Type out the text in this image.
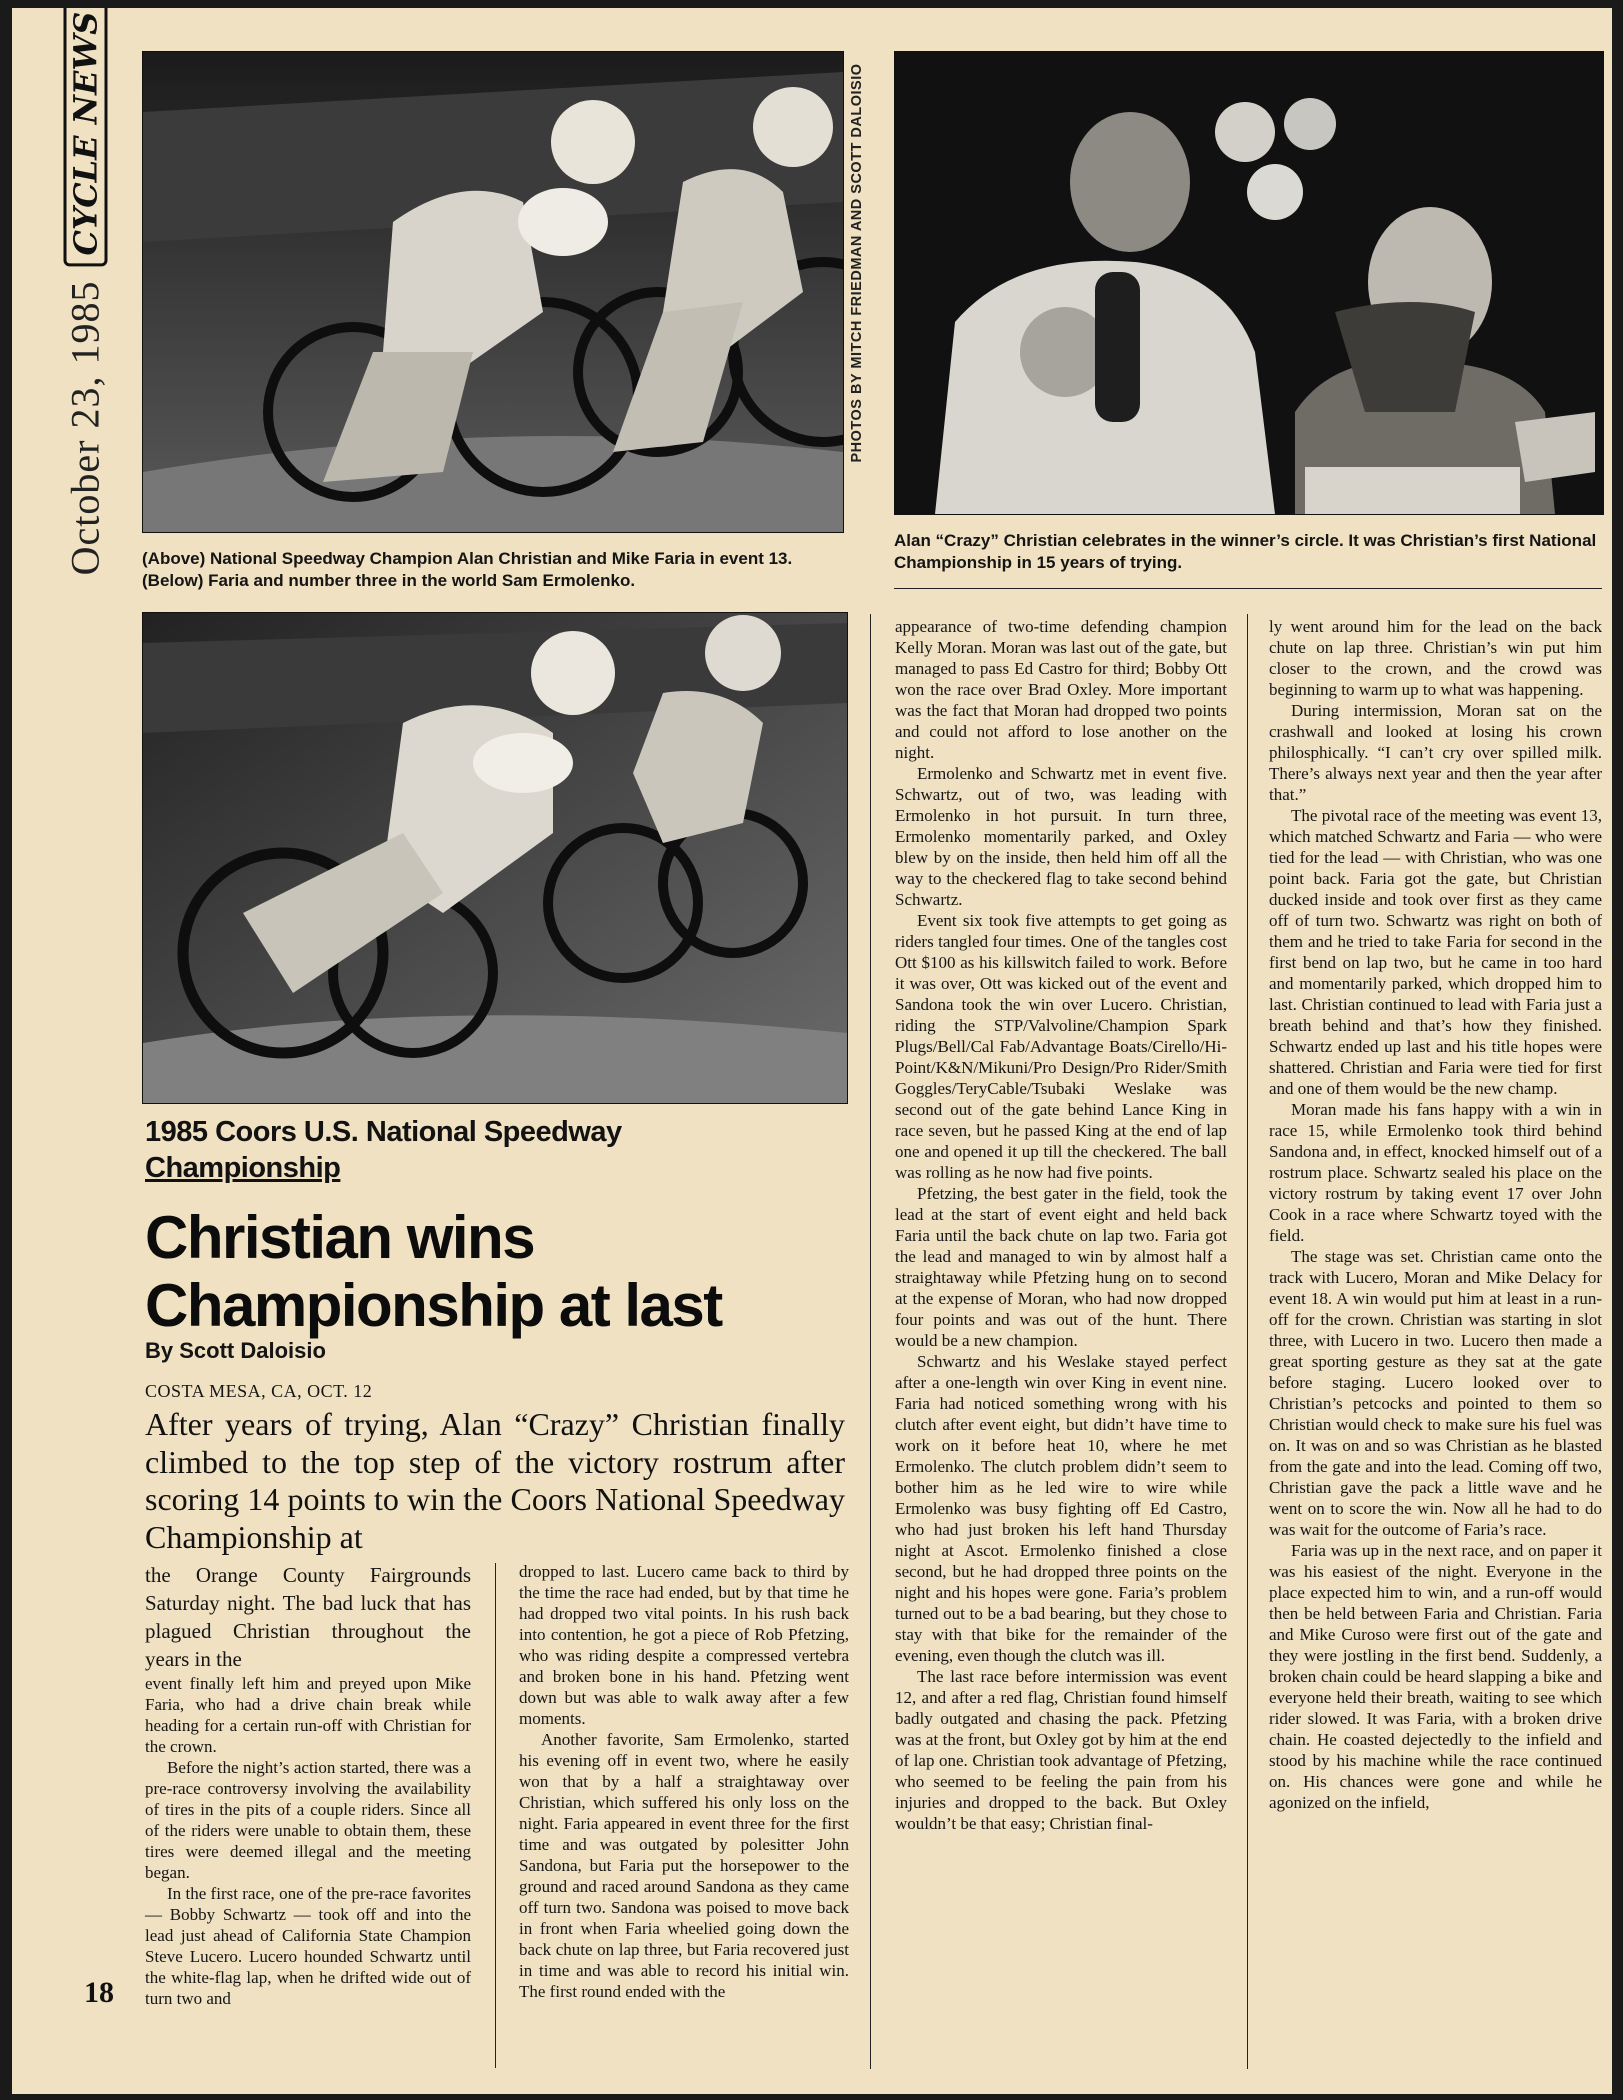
October 23, 1985
CYCLE NEWS	PHOTOS BY MITCH FRIEDMAN AND SCOTT DALOISIO
(Above) National Speedway Champion Alan Christian and Mike Faria in event 13. (Below) Faria and number three in the world Sam Ermolenko.
Alan “Crazy” Christian celebrates in the winner’s circle. It was Christian’s first National Championship in 15 years of trying.
1985 Coors U.S. National Speedway
Championship
Christian wins
Championship at last
By Scott Daloisio
COSTA MESA, CA, OCT. 12
After years of trying, Alan “Crazy” Christian finally climbed to the top step of the victory rostrum after scoring 14 points to win the Coors National Speedway Championship at

the Orange County Fairgrounds Saturday night. The bad luck that has plagued Christian throughout the years in the

event finally left him and preyed upon Mike Faria, who had a drive chain break while heading for a certain run-off with Christian for the crown.

Before the night’s action started, there was a pre-race controversy involving the availability of tires in the pits of a couple riders. Since all of the riders were unable to obtain them, these tires were deemed illegal and the meeting began.

In the first race, one of the pre-race favorites — Bobby Schwartz — took off and into the lead just ahead of California State Champion Steve Lucero. Lucero hounded Schwartz until the white-flag lap, when he drifted wide out of turn two and

dropped to last. Lucero came back to third by the time the race had ended, but by that time he had dropped two vital points. In his rush back into contention, he got a piece of Rob Pfetzing, who was riding despite a compressed vertebra and broken bone in his hand. Pfetzing went down but was able to walk away after a few moments.

Another favorite, Sam Ermolenko, started his evening off in event two, where he easily won that by a half a straightaway over Christian, which suffered his only loss on the night. Faria appeared in event three for the first time and was outgated by polesitter John Sandona, but Faria put the horsepower to the ground and raced around Sandona as they came off turn two. Sandona was poised to move back in front when Faria wheelied going down the back chute on lap three, but Faria recovered just in time and was able to record his initial win. The first round ended with the

appearance of two-time defending champion Kelly Moran. Moran was last out of the gate, but managed to pass Ed Castro for third; Bobby Ott won the race over Brad Oxley. More important was the fact that Moran had dropped two points and could not afford to lose another on the night.

Ermolenko and Schwartz met in event five. Schwartz, out of two, was leading with Ermolenko in hot pursuit. In turn three, Ermolenko momentarily parked, and Oxley blew by on the inside, then held him off all the way to the checkered flag to take second behind Schwartz.

Event six took five attempts to get going as riders tangled four times. One of the tangles cost Ott $100 as his killswitch failed to work. Before it was over, Ott was kicked out of the event and Sandona took the win over Lucero. Christian, riding the STP/Valvoline/Champion Spark Plugs/Bell/Cal Fab/Advantage Boats/Cirello/Hi-Point/K&N/Mikuni/Pro Design/Pro Rider/Smith Goggles/TeryCable/Tsubaki Weslake was second out of the gate behind Lance King in race seven, but he passed King at the end of lap one and opened it up till the checkered. The ball was rolling as he now had five points.

Pfetzing, the best gater in the field, took the lead at the start of event eight and held back Faria until the back chute on lap two. Faria got the lead and managed to win by almost half a straightaway while Pfetzing hung on to second at the expense of Moran, who had now dropped four points and was out of the hunt. There would be a new champion.

Schwartz and his Weslake stayed perfect after a one-length win over King in event nine. Faria had noticed something wrong with his clutch after event eight, but didn’t have time to work on it before heat 10, where he met Ermolenko. The clutch problem didn’t seem to bother him as he led wire to wire while Ermolenko was busy fighting off Ed Castro, who had just broken his left hand Thursday night at Ascot. Ermolenko finished a close second, but he had dropped three points on the night and his hopes were gone. Faria’s problem turned out to be a bad bearing, but they chose to stay with that bike for the remainder of the evening, even though the clutch was ill.

The last race before intermission was event 12, and after a red flag, Christian found himself badly outgated and chasing the pack. Pfetzing was at the front, but Oxley got by him at the end of lap one. Christian took advantage of Pfetzing, who seemed to be feeling the pain from his injuries and dropped to the back. But Oxley wouldn’t be that easy; Christian final-

ly went around him for the lead on the back chute on lap three. Christian’s win put him closer to the crown, and the crowd was beginning to warm up to what was happening.

During intermission, Moran sat on the crashwall and looked at losing his crown philosphically. “I can’t cry over spilled milk. There’s always next year and then the year after that.”

The pivotal race of the meeting was event 13, which matched Schwartz and Faria — who were tied for the lead — with Christian, who was one point back. Faria got the gate, but Christian ducked inside and took over first as they came off of turn two. Schwartz was right on both of them and he tried to take Faria for second in the first bend on lap two, but he came in too hard and momentarily parked, which dropped him to last. Christian continued to lead with Faria just a breath behind and that’s how they finished. Schwartz ended up last and his title hopes were shattered. Christian and Faria were tied for first and one of them would be the new champ.

Moran made his fans happy with a win in race 15, while Ermolenko took third behind Sandona and, in effect, knocked himself out of a rostrum place. Schwartz sealed his place on the victory rostrum by taking event 17 over John Cook in a race where Schwartz toyed with the field.

The stage was set. Christian came onto the track with Lucero, Moran and Mike Delacy for event 18. A win would put him at least in a run-off for the crown. Christian was starting in slot three, with Lucero in two. Lucero then made a great sporting gesture as they sat at the gate before staging. Lucero looked over to Christian’s petcocks and pointed to them so Christian would check to make sure his fuel was on. It was on and so was Christian as he blasted from the gate and into the lead. Coming off two, Christian gave the pack a little wave and he went on to score the win. Now all he had to do was wait for the outcome of Faria’s race.

Faria was up in the next race, and on paper it was his easiest of the night. Everyone in the place expected him to win, and a run-off would then be held between Faria and Christian. Faria and Mike Curoso were first out of the gate and they were jostling in the first bend. Suddenly, a broken chain could be heard slapping a bike and everyone held their breath, waiting to see which rider slowed. It was Faria, with a broken drive chain. He coasted dejectedly to the infield and stood by his machine while the race continued on. His chances were gone and while he agonized on the infield,

18
